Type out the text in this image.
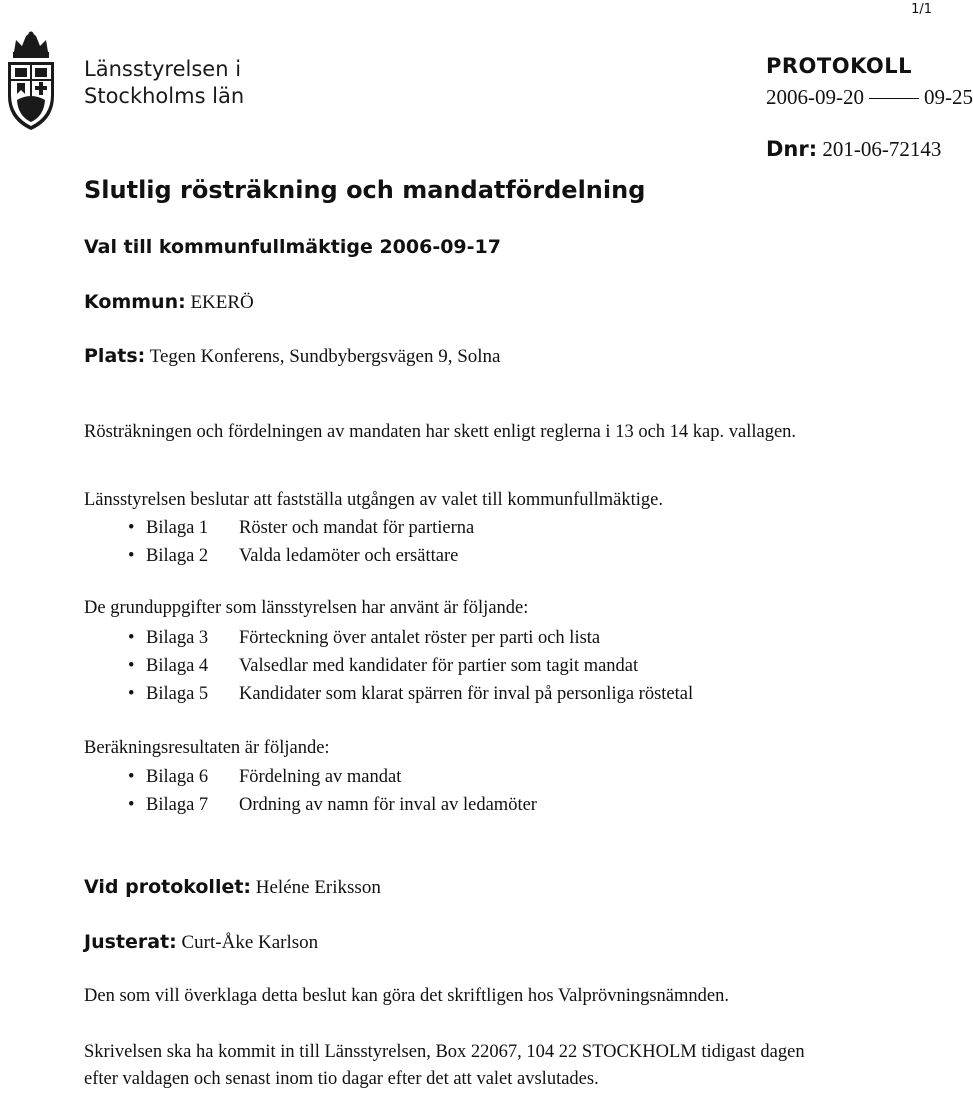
1/1
Länsstyrelsen i
Stockholms län
PROTOKOLL
2006-09-20	09-25
Dnr: 201-06-72143
Slutlig rösträkning och mandatfördelning
Val till kommunfullmäktige 2006-09-17
Kommun: EKERÖ
Plats: Tegen Konferens, Sundbybergsvägen 9, Solna
Rösträkningen och fördelningen av mandaten har skett enligt reglerna i 13 och 14 kap. vallagen.
Länsstyrelsen beslutar att fastställa utgången av valet till kommunfullmäktige.
• Bilaga 1 Röster och mandat för partierna
• Bilaga 2 Valda ledamöter och ersättare
De grunduppgifter som länsstyrelsen har använt är följande:
• Bilaga 3 Förteckning över antalet röster per parti och lista
• Bilaga 4 Valsedlar med kandidater för partier som tagit mandat
• Bilaga 5 Kandidater som klarat spärren för inval på personliga röstetal
Beräkningsresultaten är följande:
• Bilaga 6 Fördelning av mandat
• Bilaga 7 Ordning av namn för inval av ledamöter
Vid protokollet: Heléne Eriksson
Justerat: Curt-Åke Karlson
Den som vill överklaga detta beslut kan göra det skriftligen hos Valprövningsnämnden.
Skrivelsen ska ha kommit in till Länsstyrelsen, Box 22067, 104 22 STOCKHOLM tidigast dagen
efter valdagen och senast inom tio dagar efter det att valet avslutades.
